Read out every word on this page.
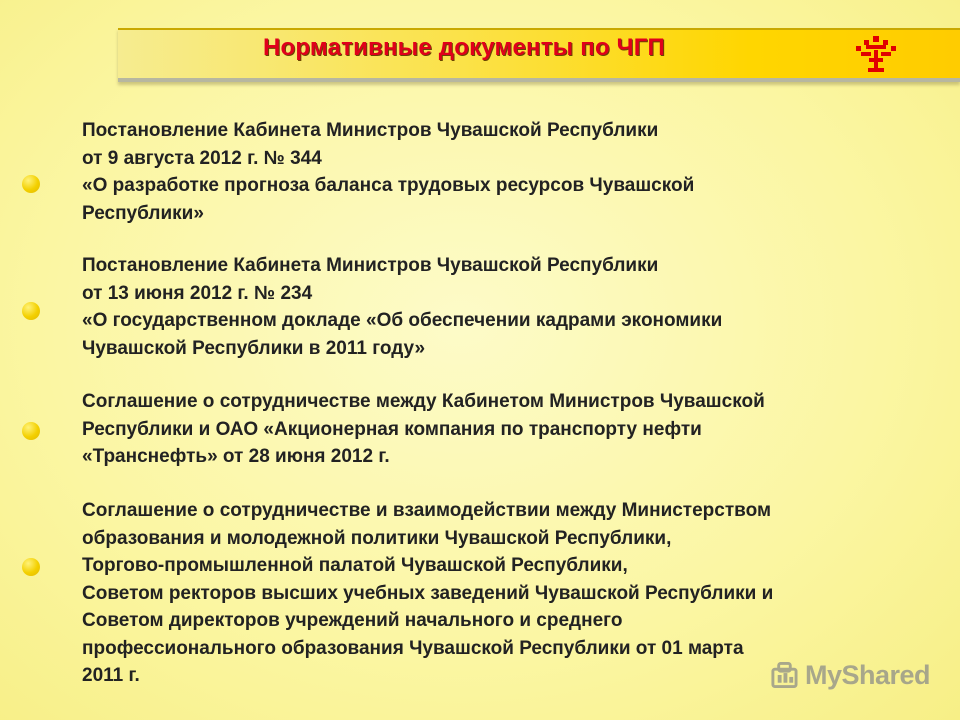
Нормативные документы по ЧГП
Постановление Кабинета Министров Чувашской Республики
от 9 августа 2012 г. № 344
«О разработке прогноза баланса трудовых ресурсов Чувашской
Республики»
Постановление Кабинета Министров Чувашской Республики
от 13 июня 2012 г. № 234
«О государственном докладе «Об обеспечении кадрами экономики
Чувашской Республики в 2011 году»
Соглашение о сотрудничестве между Кабинетом Министров Чувашской
Республики и ОАО «Акционерная компания по транспорту нефти
«Транснефть» от 28 июня 2012 г.
Соглашение о сотрудничестве и взаимодействии между Министерством
образования и молодежной политики Чувашской Республики,
Торгово-промышленной палатой Чувашской Республики,
Советом ректоров высших учебных заведений Чувашской Республики и
Советом директоров учреждений начального и среднего
профессионального образования Чувашской Республики от 01 марта
2011 г.	MyShared
